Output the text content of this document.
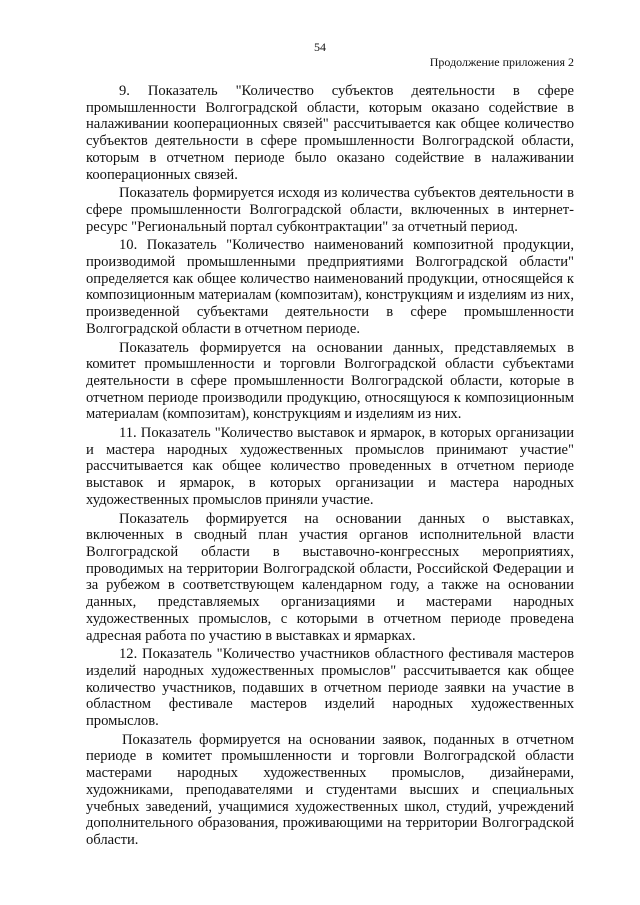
54
Продолжение приложения 2

9. Показатель "Количество субъектов деятельности в сфере промышленности Волгоградской области, которым оказано содействие в налаживании кооперационных связей" рассчитывается как общее количество субъектов деятельности в сфере промышленности Волгоградской области, которым в отчетном периоде было оказано содействие в налаживании кооперационных связей.

Показатель формируется исходя из количества субъектов деятельности в сфере промышленности Волгоградской области, включенных в интернет-ресурс "Региональный портал субконтрактации" за отчетный период.

10. Показатель "Количество наименований композитной продукции, производимой промышленными предприятиями Волгоградской области" определяется как общее количество наименований продукции, относящейся к композиционным материалам (композитам), конструкциям и изделиям из них, произведенной субъектами деятельности в сфере промышленности Волгоградской области в отчетном периоде.

Показатель формируется на основании данных, представляемых в комитет промышленности и торговли Волгоградской области субъектами деятельности в сфере промышленности Волгоградской области, которые в отчетном периоде производили продукцию, относящуюся к композиционным материалам (композитам), конструкциям и изделиям из них.

11. Показатель "Количество выставок и ярмарок, в которых организации и мастера народных художественных промыслов принимают участие" рассчитывается как общее количество проведенных в отчетном периоде выставок и ярмарок, в которых организации и мастера народных художественных промыслов приняли участие.

Показатель формируется на основании данных о выставках, включенных в сводный план участия органов исполнительной власти Волгоградской области в выставочно-конгрессных мероприятиях, проводимых на территории Волгоградской области, Российской Федерации и за рубежом в соответствующем календарном году, а также на основании данных, представляемых организациями и мастерами народных художественных промыслов, с которыми в отчетном периоде проведена адресная работа по участию в выставках и ярмарках.

12. Показатель "Количество участников областного фестиваля мастеров изделий народных художественных промыслов" рассчитывается как общее количество участников, подавших в отчетном периоде заявки на участие в областном фестивале мастеров изделий народных художественных промыслов.

Показатель формируется на основании заявок, поданных в отчетном периоде в комитет промышленности и торговли Волгоградской области мастерами народных художественных промыслов, дизайнерами, художниками, преподавателями и студентами высших и специальных учебных заведений, учащимися художественных школ, студий, учреждений дополнительного образования, проживающими на территории Волгоградской области.
